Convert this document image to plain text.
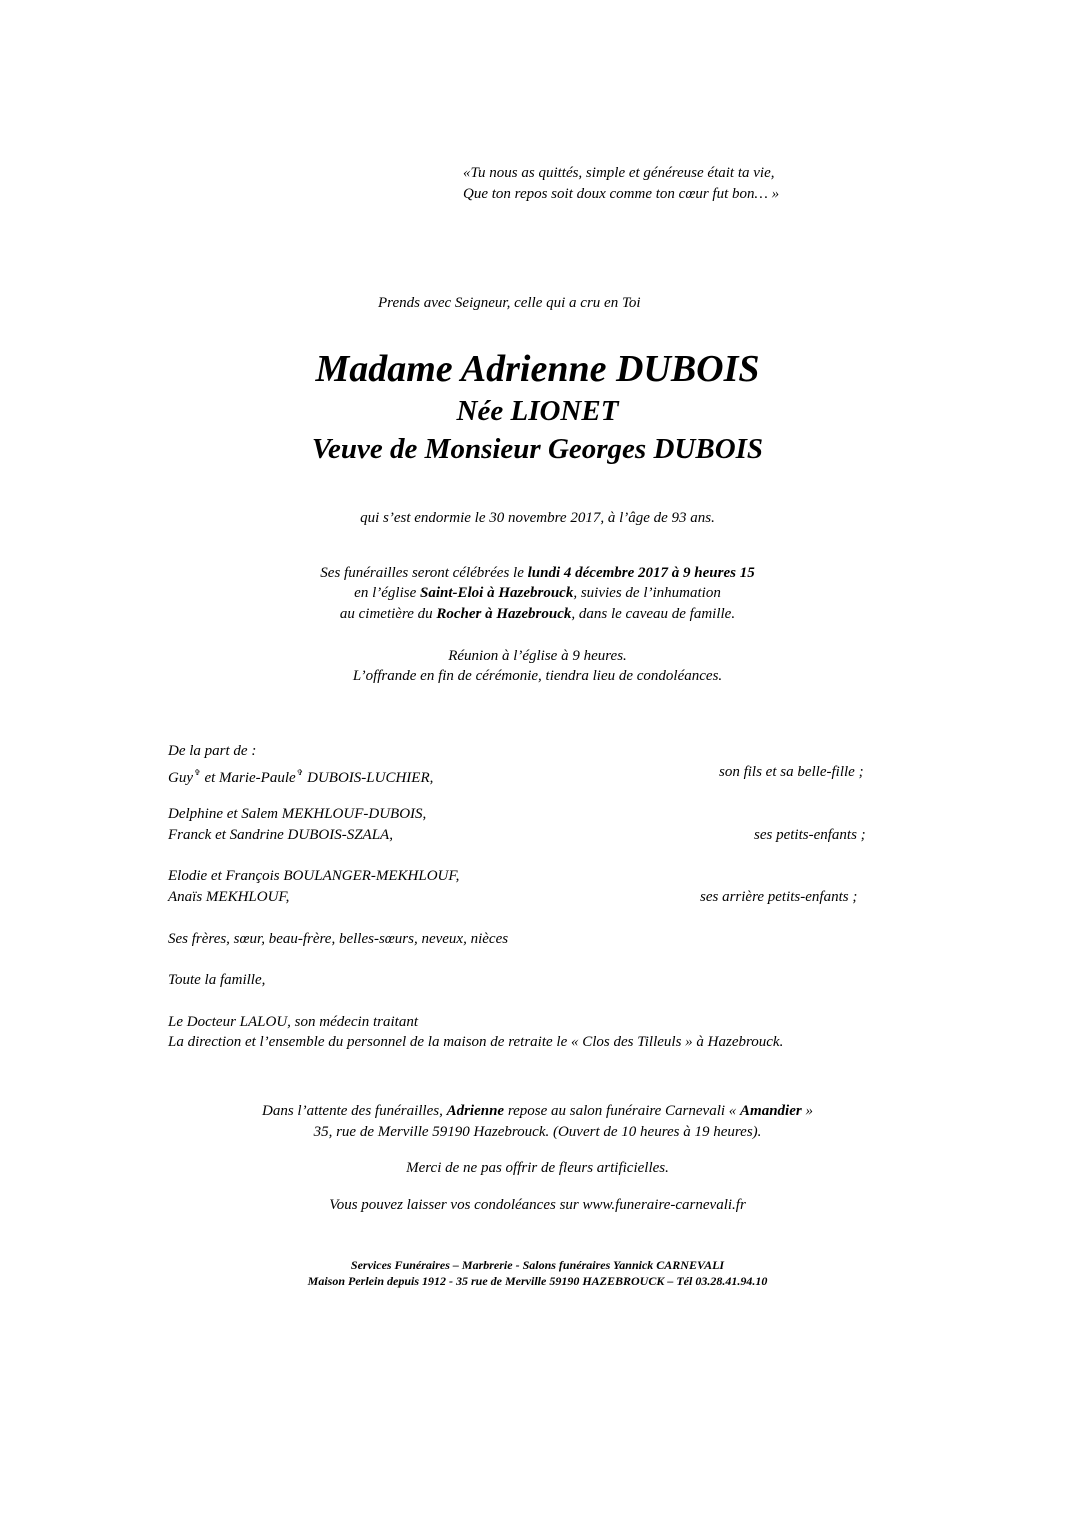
«Tu nous as quittés, simple et généreuse était ta vie,
Que ton repos soit doux comme ton cœur fut bon… »
Prends avec Seigneur, celle qui a cru en Toi
Madame Adrienne DUBOIS
Née LIONET
Veuve de Monsieur Georges DUBOIS
qui s’est endormie le 30 novembre 2017, à l’âge de 93 ans.
Ses funérailles seront célébrées le lundi 4 décembre 2017 à 9 heures 15
en l’église Saint-Eloi à Hazebrouck, suivies de l’inhumation
au cimetière du Rocher à Hazebrouck, dans le caveau de famille.
Réunion à l’église à 9 heures.
L’offrande en fin de cérémonie, tiendra lieu de condoléances.
De la part de :
Guy✞ et Marie-Paule✞ DUBOIS-LUCHIER,	son fils et sa belle-fille ;
Delphine et Salem MEKHLOUF-DUBOIS,
Franck et Sandrine DUBOIS-SZALA,	ses petits-enfants ;
Elodie et François BOULANGER-MEKHLOUF,
Anaïs MEKHLOUF,	ses arrière petits-enfants ;
Ses frères, sœur, beau-frère, belles-sœurs, neveux, nièces
Toute la famille,
Le Docteur LALOU, son médecin traitant
La direction et l’ensemble du personnel de la maison de retraite le « Clos des Tilleuls » à Hazebrouck.
Dans l’attente des funérailles, Adrienne repose au salon funéraire Carnevali « Amandier »
35, rue de Merville 59190 Hazebrouck. (Ouvert de 10 heures à 19 heures).
Merci de ne pas offrir de fleurs artificielles.
Vous pouvez laisser vos condoléances sur www.funeraire-carnevali.fr
Services Funéraires – Marbrerie - Salons funéraires Yannick CARNEVALI
Maison Perlein depuis 1912 - 35 rue de Merville 59190 HAZEBROUCK – Tél 03.28.41.94.10
